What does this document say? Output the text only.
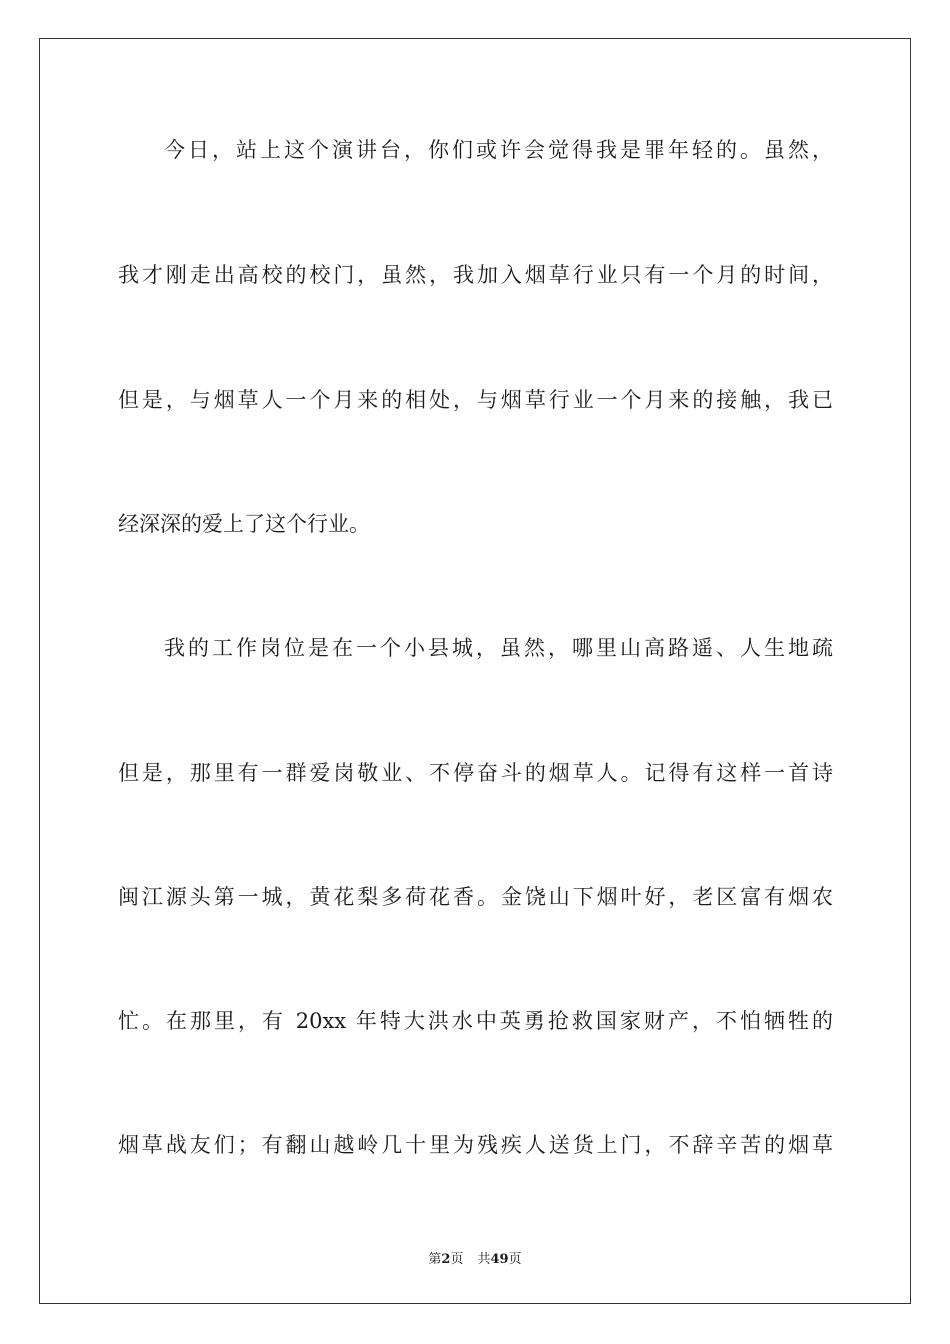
今日，站上这个演讲台，你们或许会觉得我是罪年轻的。虽然，
我才刚走出高校的校门，虽然，我加入烟草行业只有一个月的时间，
但是，与烟草人一个月来的相处，与烟草行业一个月来的接触，我已
经深深的爱上了这个行业。
我的工作岗位是在一个小县城，虽然，哪里山高路遥、人生地疏
但是，那里有一群爱岗敬业、不停奋斗的烟草人。记得有这样一首诗
闽江源头第一城，黄花梨多荷花香。金饶山下烟叶好，老区富有烟农
忙。在那里，有 20xx 年特大洪水中英勇抢救国家财产，不怕牺牲的
烟草战友们；有翻山越岭几十里为残疾人送货上门，不辞辛苦的烟草
第2页 共49页
